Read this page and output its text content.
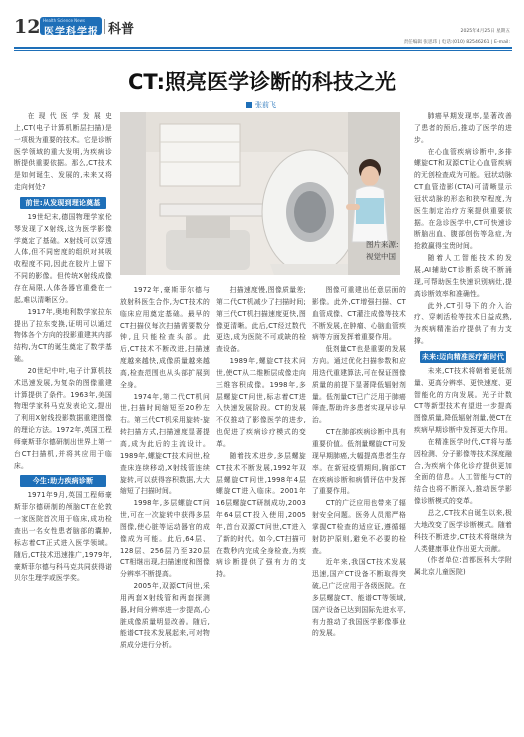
12 Health Science News
医学科学报 科普	2025年4月25日 星期五
责任编辑 张思玮 | 电话:(010) 82546261 | E-mail:
CT:照亮医学诊断的科技之光
张前飞
图片来源:
视觉中国

在现代医学发展史上,CT(电子计算机断层扫描)是一项极为重要的技术。它是诊断医学领域的重大发明,为疾病诊断提供重要依据。那么,CT技术是如何诞生、发展的,未来又将走向何处?

前世:从发现到理论奠基

19世纪末,德国物理学家伦琴发现了X射线,这为医学影像学奠定了基础。X射线可以穿透人体,但不同密度的组织对其吸收程度不同,因此在胶片上留下不同的影像。但传统X射线成像存在局限,人体各器官重叠在一起,难以清晰区分。

1917年,奥地利数学家拉东提出了拉东变换,证明可以通过物体各个方向的投影重建其内部结构,为CT的诞生奠定了数学基础。

20世纪中叶,电子计算机技术迅速发展,为复杂的图像重建计算提供了条件。1963年,美国物理学家科马克发表论文,提出了利用X射线投影数据重建图像的理论方法。1972年,英国工程师豪斯菲尔德研制出世界上第一台CT扫描机,并将其应用于临床。

今生:助力疾病诊断

1971年9月,英国工程师豪斯菲尔德研制的颅脑CT在伦敦一家医院首次用于临床,成功检查出一名女性患者脑部的囊肿,标志着CT正式进入医学领域。随后,CT技术迅速推广,1979年,豪斯菲尔德与科马克共同获得诺贝尔生理学或医学奖。

1972年,豪斯菲尔德与放射科医生合作,为CT技术的临床应用奠定基础。最早的CT扫描仪每次扫描需要数分钟,且只能检查头部。此后,CT技术不断改进,扫描速度越来越快,成像质量越来越高,检查范围也从头部扩展到全身。

1974年,第二代CT机问世,扫描时间缩短至20秒左右。第三代CT机采用旋转-旋转扫描方式,扫描速度显著提高,成为此后的主流设计。1989年,螺旋CT技术问世,检查床连续移动,X射线管连续旋转,可以获得容积数据,大大缩短了扫描时间。

1998年,多层螺旋CT问世,可在一次旋转中获得多层图像,使心脏等运动器官的成像成为可能。此后,64层、128层、256层乃至320层CT相继出现,扫描速度和图像分辨率不断提高。

2005年,双源CT问世,采用两套X射线管和两套探测器,时间分辨率进一步提高,心脏成像质量明显改善。随后,能谱CT技术发展起来,可对物质成分进行分析。

扫描速度慢,图像质量差;第二代CT机减少了扫描时间;第三代CT机扫描速度更快,图像更清晰。此后,CT经过数代更迭,成为医院不可或缺的检查设备。

1989年,螺旋CT技术问世,使CT从二维断层成像走向三维容积成像。1998年,多层螺旋CT问世,标志着CT进入快速发展阶段。CT的发展不仅推动了影像医学的进步,也促进了疾病诊疗模式的变革。

随着技术进步,多层螺旋CT技术不断发展,1992年双层螺旋CT问世,1998年4层螺旋CT进入临床。2001年16层螺旋CT研制成功,2003年64层CT投入使用,2005年,首台双源CT问世,CT进入了新的时代。如今,CT扫描可在数秒内完成全身检查,为疾病诊断提供了强有力的支持。

图像可重建出任意层面的影像。此外,CT增强扫描、CT血管成像、CT灌注成像等技术不断发展,在肿瘤、心脑血管疾病等方面发挥着重要作用。

低剂量CT也是重要的发展方向。通过优化扫描参数和应用迭代重建算法,可在保证图像质量的前提下显著降低辐射剂量。低剂量CT已广泛用于肺癌筛查,帮助许多患者实现早诊早治。

CT在肺部疾病诊断中具有重要价值。低剂量螺旋CT可发现早期肺癌,大幅提高患者生存率。在新冠疫情期间,胸部CT在疾病诊断和病情评估中发挥了重要作用。

CT的广泛应用也带来了辐射安全问题。医务人员需严格掌握CT检查的适应证,遵循辐射防护原则,避免不必要的检查。

近年来,我国CT技术发展迅速,国产CT设备不断取得突破,已广泛应用于各级医院。在多层螺旋CT、能谱CT等领域,国产设备已达到国际先进水平,有力推动了我国医学影像事业的发展。

肺癌早期发现率,显著改善了患者的预后,推动了医学的进步。

在心血管疾病诊断中,多排螺旋CT和双源CT让心血管疾病的无创检查成为可能。冠状动脉CT血管造影(CTA)可清晰显示冠状动脉的形态和狭窄程度,为医生制定治疗方案提供重要依据。在急诊医学中,CT可快速诊断脑出血、腹部创伤等急症,为抢救赢得宝贵时间。

随着人工智能技术的发展,AI辅助CT诊断系统不断涌现,可帮助医生快速识别病灶,提高诊断效率和准确性。

此外,CT引导下的介入治疗、穿刺活检等技术日益成熟,为疾病精准治疗提供了有力支撑。

未来:迈向精准医疗新时代

未来,CT技术将朝着更低剂量、更高分辨率、更快速度、更智能化的方向发展。光子计数CT等新型技术有望进一步提高图像质量,降低辐射剂量,使CT在疾病早期诊断中发挥更大作用。

在精准医学时代,CT将与基因检测、分子影像等技术深度融合,为疾病个体化诊疗提供更加全面的信息。人工智能与CT的结合也将不断深入,推动医学影像诊断模式的变革。

总之,CT技术自诞生以来,极大地改变了医学诊断模式。随着科技不断进步,CT技术将继续为人类健康事业作出更大贡献。

(作者单位:首都医科大学附属北京儿童医院)
